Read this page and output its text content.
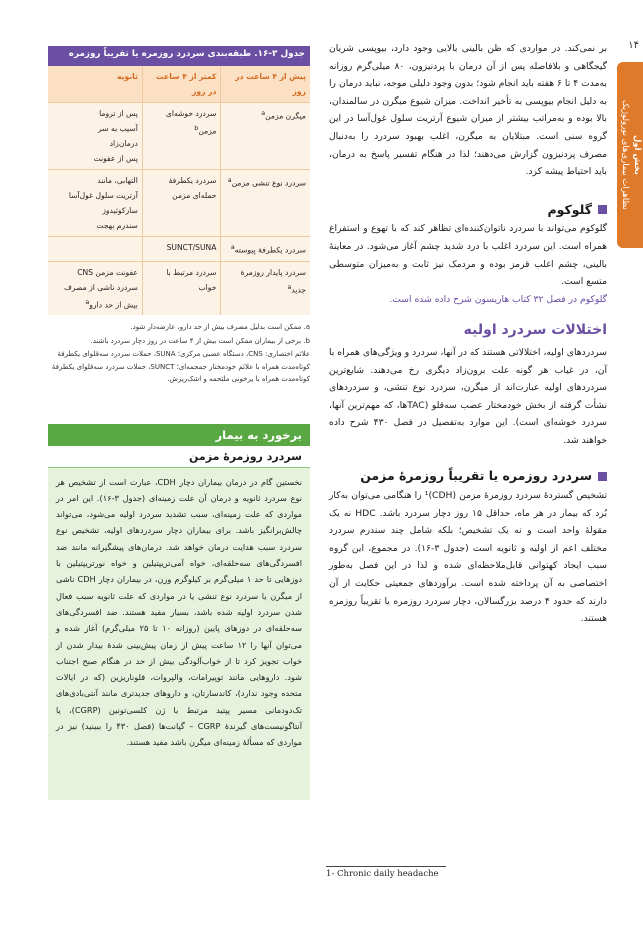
۱۴
بخش اول
نظاهرات بیماری‌های نورولوژیک

بر نمی‌کند. در مواردی که ظن بالینی بالایی وجود دارد، بیوپسی شریان گیجگاهی و بلافاصله پس از آن درمان با پردنیزون، ۸۰ میلی‌گرم روزانه به‌مدت ۴ تا ۶ هفته باید انجام شود؛ بدون وجود دلیلی موجه، نباید درمان را به دلیل انجام بیوپسی به تأخیر انداخت. میزان شیوع میگرن در سالمندان، بالا بوده و به‌مراتب بیشتر از میزان شیوع آرتریت سلول غول‌آسا در این گروه سنی است. مبتلایان به میگرن، اغلب بهبود سردرد را به‌دنبال مصرف پردنیزون گزارش می‌دهند؛ لذا در هنگام تفسیر پاسخ به درمان، باید احتیاط پیشه کرد.

گلوکوم

گلوکوم می‌تواند با سردرد ناتوان‌کننده‌ای تظاهر کند که با تهوع و استفراغ همراه است. این سردرد اغلب با درد شدید چشم آغاز می‌شود. در معاینهٔ بالینی، چشم اغلب قرمز بوده و مردمک نیز ثابت و به‌میزان متوسطی متسع است.

گلوکوم در فصل ۳۲ کتاب هاریسون شرح داده شده است.

اختلالات سردرد اولیه

سردردهای اولیه، اختلالاتی هستند که در آنها، سردرد و ویژگی‌های همراه با آن، در غیاب هر گونه علت برون‌زاد دیگری رخ می‌دهند. شایع‌ترین سردردهای اولیه عبارت‌اند از میگرن، سردرد نوع تنشی، و سردردهای نشأت گرفته از بخش خودمختار عصب سه‌قلو (TACها، که مهم‌ترین آنها، سردرد خوشه‌ای است). این موارد به‌تفصیل در فصل ۴۳۰ شرح داده خواهند شد.

سردرد روزمره یا تقریباً روزمرهٔ مزمن

تشخیص گستردهٔ سردرد روزمرهٔ مزمن (CDH)¹ را هنگامی می‌توان به‌کار بُرد که بیمار در هر ماه، حداقل ۱۵ روز دچار سردرد باشد. HDC نه یک مقولهٔ واحد است و نه یک تشخیص؛ بلکه شامل چند سندرم سردرد مختلف اعم از اولیه و ثانویه است (جدول ۳-۱۶). در مجموع، این گروه سبب ایجاد کهتوانی قابل‌ملاحظه‌ای شده و لذا در این فصل به‌طور اختصاصی به آن پرداخته شده است. برآوردهای جمعیتی حکایت از آن دارند که حدود ۴ درصد بزرگسالان، دچار سردرد روزمره یا تقریباً روزمره هستند.

جدول ۳-۱۶. طبقه‌بندی سردرد روزمره یا تقریباً روزمره
پیش از ۴ ساعت در روز	کمتر از ۴ ساعت در روز	ثانویه
میگرن مزمن$^a$	سردرد خوشه‌ای مزمن$^b$	پس از تروما
آسیب به سر
درمان‌زاد
پس از عفونت
سردرد نوع تنشی مزمن$^a$	سردرد یکطرفهٔ حمله‌ای مزمن	التهابی، مانند
آرتریت سلول غول‌آسا
سارکوئیدوز
سندرم بهجت
سردرد یکطرفهٔ پیوسته$^a$	SUNCT/SUNA	
سردرد پایدار روزمرهٔ جدید$^a$	سردرد مرتبط با خواب	عفونت مزمن CNS
سردرد ناشی از مصرف بیش از حد دارو$^a$
a. ممکن است بدلیل مصرف بیش از حد دارو، عارضه‌دار شود.
b. برخی از بیماران ممکن است بیش از ۴ ساعت در روز دچار سردرد باشند.
علائم اختصاری: CNS، دستگاه عصبی مرکزی؛ SUNA، حملات سردرد سه‌قلوای یکطرفهٔ کوتاه‌مدت همراه با علائم خودمختار جمجمه‌ای؛ SUNCT، حملات سردرد سه‌قلوای یکطرفهٔ کوتاه‌مدت همراه با پرخونی ملتحمه و اشک‌ریزش.
برخورد به بیمار
سردرد روزمرهٔ مزمن
نخستین گام در درمان بیماران دچار CDH، عبارت است از تشخیص هر نوع سردرد ثانویه و درمان آن علت زمینه‌ای (جدول ۳-۱۶). این امر در مواردی که علت زمینه‌ای، سبب تشدید سردرد اولیه می‌شود، می‌تواند چالش‌برانگیز باشد. برای بیماران دچار سردردهای اولیه، تشخیص نوع سردرد سبب هدایت درمان خواهد شد. درمان‌های پیشگیرانه مانند ضد افسردگی‌های سه‌حلقه‌ای، خواه آمی‌تریپتیلین و خواه نورتریپتیلین با دوزهایی تا حد ۱ میلی‌گرم بر کیلوگرم وزن، در بیماران دچار CDH ناشی از میگرن یا سردرد نوع تنشی یا در مواردی که علت ثانویه سبب فعال شدن سردرد اولیه شده باشد، بسیار مفید هستند. ضد افسردگی‌های سه‌حلقه‌ای در دوزهای پایین (روزانه ۱۰ تا ۲۵ میلی‌گرم) آغاز شده و می‌توان آنها را ۱۲ ساعت پیش از زمان پیش‌بینی شدهٔ بیدار شدن از خواب تجویز کرد تا از خواب‌آلودگی بیش از حد در هنگام صبح اجتناب شود. داروهایی مانند توپیرامات، والپروات، فلوناریزین (که در ایالات متحده وجود ندارد)، کاندسارتان، و داروهای جدیدتری مانند آنتی‌بادی‌های تک‌دودمانی مسیر پپتید مرتبط با ژن کلسی‌تونین (CGRP)، یا آنتاگونیست‌های گیرندهٔ CGRP – گپانت‌ها (فصل ۴۳۰ را ببینید) نیز در مواردی که مسألهٔ زمینه‌ای میگرن باشد مفید هستند.
1- Chronic daily headache
